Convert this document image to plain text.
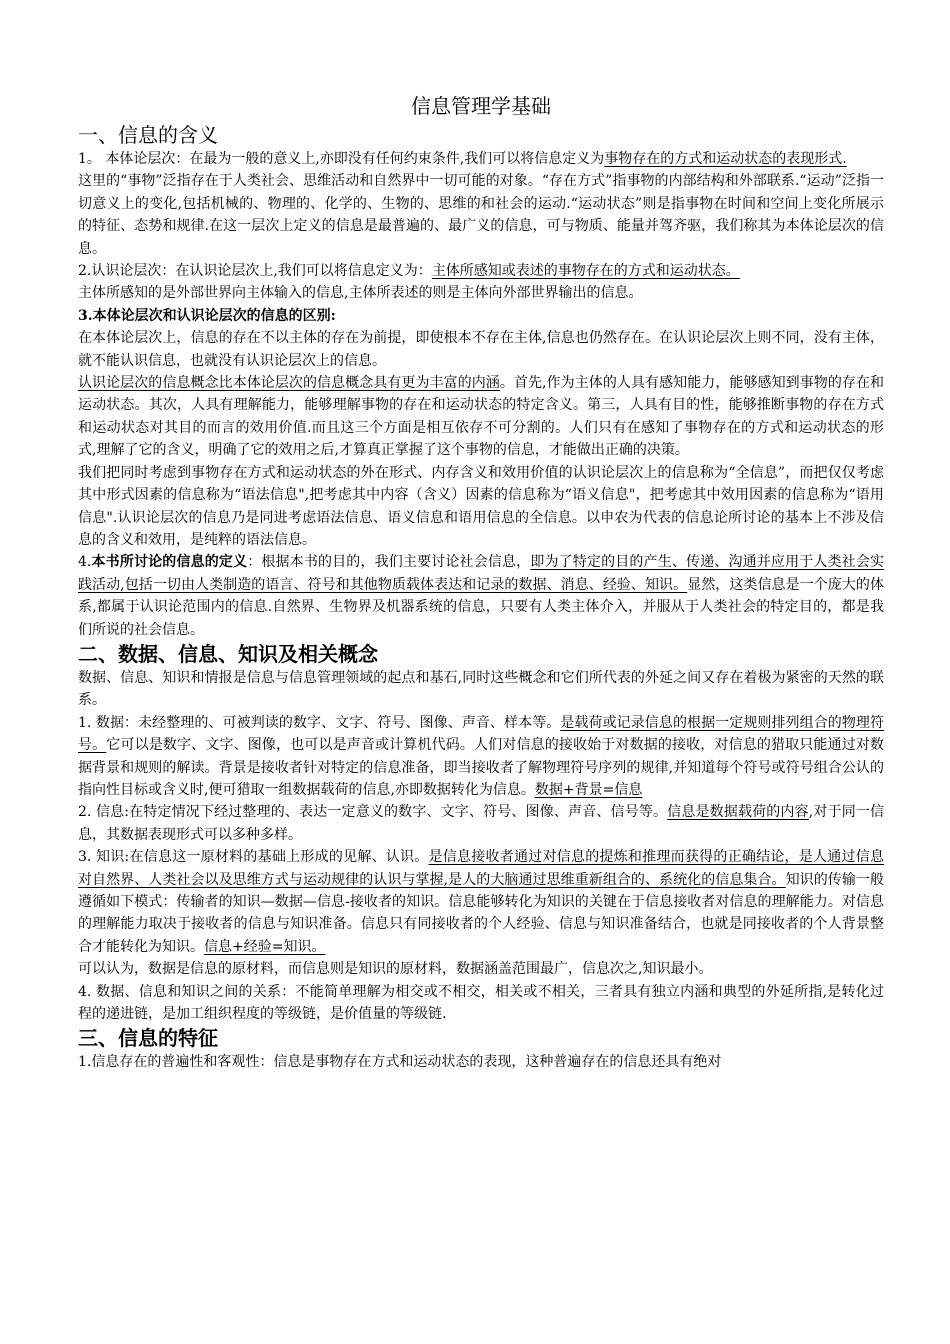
信息管理学基础
一、信息的含义

1。 本体论层次：在最为一般的意义上,亦即没有任何约束条件,我们可以将信息定义为事物存在的方式和运动状态的表现形式.

这里的“事物”泛指存在于人类社会、思维活动和自然界中一切可能的对象。“存在方式”指事物的内部结构和外部联系.“运动”泛指一切意义上的变化,包括机械的、物理的、化学的、生物的、思维的和社会的运动.“运动状态”则是指事物在时间和空间上变化所展示的特征、态势和规律.在这一层次上定义的信息是最普遍的、最广义的信息，可与物质、能量并驾齐驱，我们称其为本体论层次的信息。

2.认识论层次：在认识论层次上,我们可以将信息定义为：主体所感知或表述的事物存在的方式和运动状态。

主体所感知的是外部世界向主体输入的信息,主体所表述的则是主体向外部世界输出的信息。

3.本体论层次和认识论层次的信息的区别:

在本体论层次上，信息的存在不以主体的存在为前提，即使根本不存在主体,信息也仍然存在。在认识论层次上则不同，没有主体，就不能认识信息，也就没有认识论层次上的信息。

认识论层次的信息概念比本体论层次的信息概念具有更为丰富的内涵。首先,作为主体的人具有感知能力，能够感知到事物的存在和运动状态。其次，人具有理解能力，能够理解事物的存在和运动状态的特定含义。第三，人具有目的性，能够推断事物的存在方式和运动状态对其目的而言的效用价值.而且这三个方面是相互依存不可分割的。人们只有在感知了事物存在的方式和运动状态的形式,理解了它的含义，明确了它的效用之后,才算真正掌握了这个事物的信息，才能做出正确的决策。

我们把同时考虑到事物存在方式和运动状态的外在形式、内存含义和效用价值的认识论层次上的信息称为“全信息”，而把仅仅考虑其中形式因素的信息称为“语法信息",把考虑其中内容（含义）因素的信息称为“语义信息"，把考虑其中效用因素的信息称为“语用信息".认识论层次的信息乃是同进考虑语法信息、语义信息和语用信息的全信息。以申农为代表的信息论所讨论的基本上不涉及信息的含义和效用，是纯粹的语法信息。

4.本书所讨论的信息的定义：根据本书的目的，我们主要讨论社会信息，即为了特定的目的产生、传递、沟通并应用于人类社会实践活动,包括一切由人类制造的语言、符号和其他物质载体表达和记录的数据、消息、经验、知识。显然，这类信息是一个庞大的体系,都属于认识论范围内的信息.自然界、生物界及机器系统的信息，只要有人类主体介入，并服从于人类社会的特定目的，都是我们所说的社会信息。

二、数据、信息、知识及相关概念

数据、信息、知识和情报是信息与信息管理领域的起点和基石,同时这些概念和它们所代表的外延之间又存在着极为紧密的天然的联系。

1. 数据：未经整理的、可被判读的数字、文字、符号、图像、声音、样本等。是载荷或记录信息的根据一定规则排列组合的物理符号。它可以是数字、文字、图像，也可以是声音或计算机代码。人们对信息的接收始于对数据的接收，对信息的猎取只能通过对数据背景和规则的解读。背景是接收者针对特定的信息准备，即当接收者了解物理符号序列的规律,并知道每个符号或符号组合公认的指向性目标或含义时,便可猎取一组数据载荷的信息,亦即数据转化为信息。数据+背景=信息

2. 信息:在特定情况下经过整理的、表达一定意义的数字、文字、符号、图像、声音、信号等。信息是数据载荷的内容,对于同一信息，其数据表现形式可以多种多样。

3. 知识:在信息这一原材料的基础上形成的见解、认识。是信息接收者通过对信息的提炼和推理而获得的正确结论，是人通过信息对自然界、人类社会以及思维方式与运动规律的认识与掌握,是人的大脑通过思维重新组合的、系统化的信息集合。知识的传输一般遵循如下模式：传输者的知识—数据—信息-接收者的知识。信息能够转化为知识的关键在于信息接收者对信息的理解能力。对信息的理解能力取决于接收者的信息与知识准备。信息只有同接收者的个人经验、信息与知识准备结合，也就是同接收者的个人背景整合才能转化为知识。信息+经验=知识。

可以认为，数据是信息的原材料，而信息则是知识的原材料，数据涵盖范围最广，信息次之,知识最小。

4. 数据、信息和知识之间的关系：不能简单理解为相交或不相交，相关或不相关，三者具有独立内涵和典型的外延所指,是转化过程的递进链，是加工组织程度的等级链，是价值量的等级链.

三、信息的特征

1.信息存在的普遍性和客观性：信息是事物存在方式和运动状态的表现，这种普遍存在的信息还具有绝对
